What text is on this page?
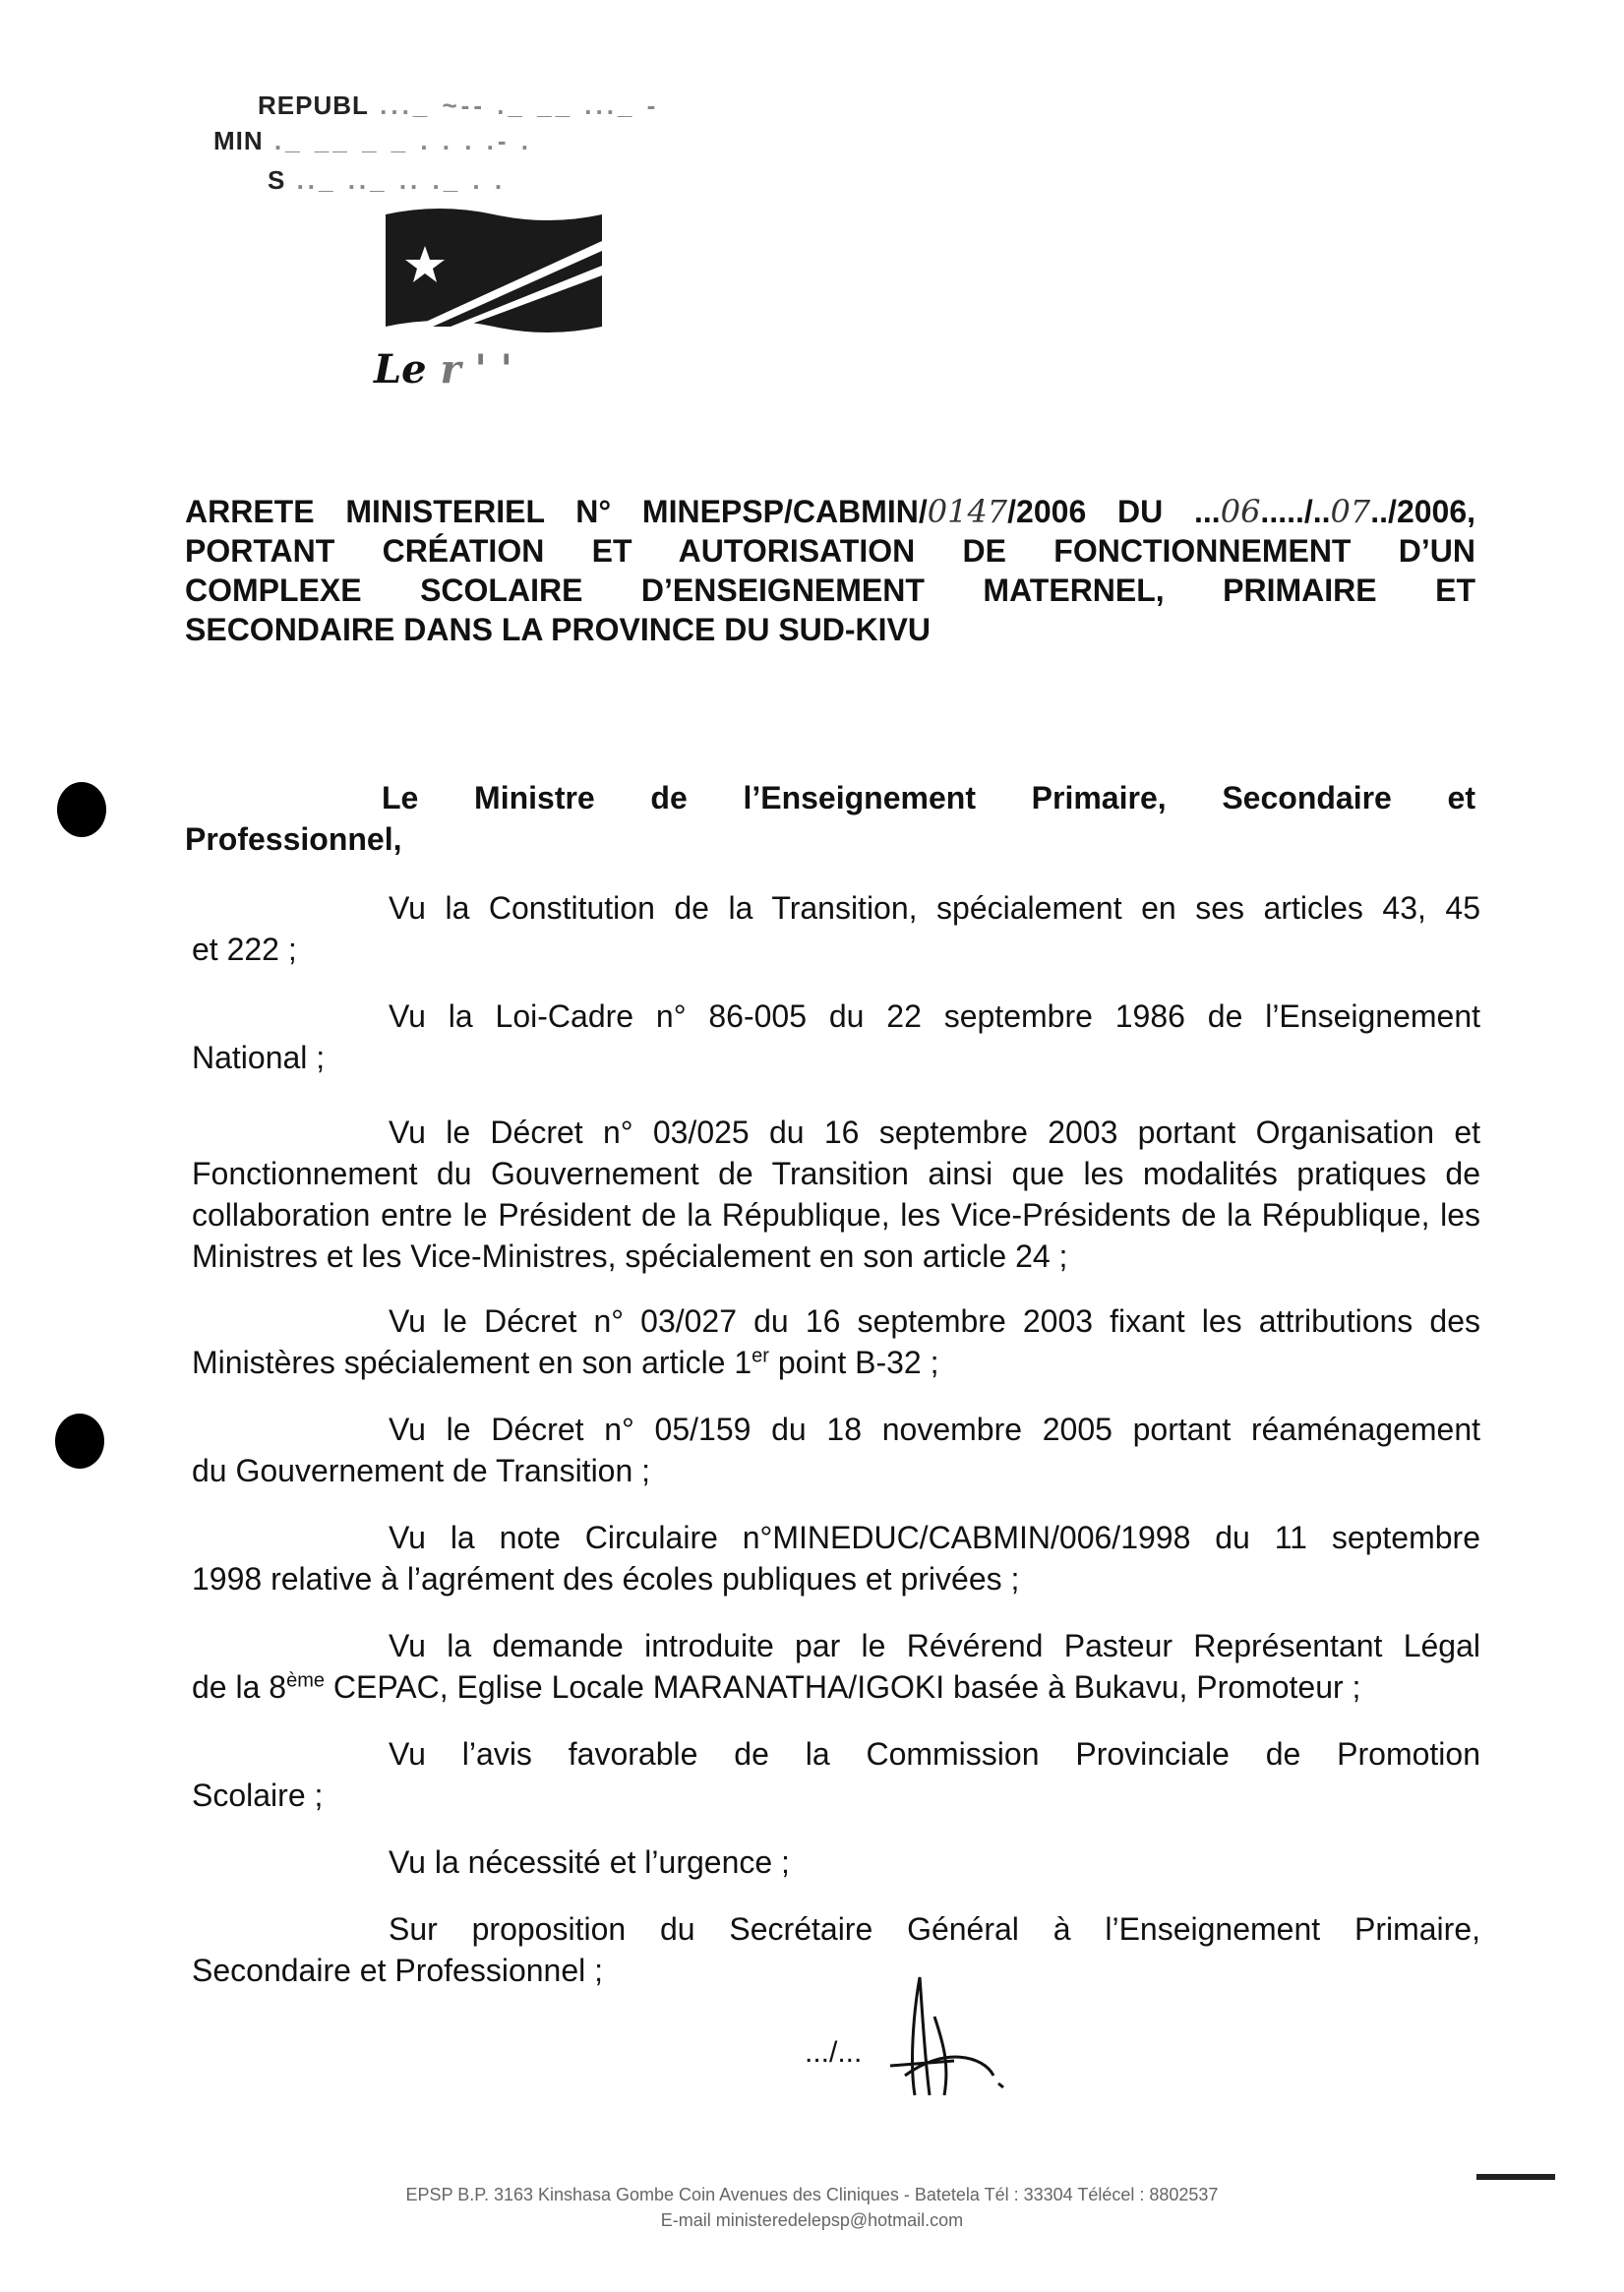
REPUBL ..._ ~-- ._ __ ..._ -
MIN ._ __ _ _ . . . .- .
S .._ .._ .. ._ . .
Le r ' '
ARRETE MINISTERIEL N° MINEPSP/CABMIN/0147/2006 DU ...06...../..07../2006,
PORTANT CRÉATION ET AUTORISATION DE FONCTIONNEMENT D’UN
COMPLEXE SCOLAIRE D’ENSEIGNEMENT MATERNEL, PRIMAIRE ET
SECONDAIRE DANS LA PROVINCE DU SUD-KIVU
Le Ministre de l’Enseignement Primaire, Secondaire et
Professionnel,
Vu la Constitution de la Transition, spécialement en ses articles 43, 45
et 222 ;
Vu la Loi-Cadre n° 86-005 du 22 septembre 1986 de l’Enseignement
National ;
Vu le Décret n° 03/025 du 16 septembre 2003 portant Organisation et
Fonctionnement du Gouvernement de Transition ainsi que les modalités pratiques de collaboration entre le Président de la République, les Vice-Présidents de la République, les Ministres et les Vice-Ministres, spécialement en son article 24 ;
Vu le Décret n° 03/027 du 16 septembre 2003 fixant les attributions des
Ministères spécialement en son article 1er point B-32 ;
Vu le Décret n° 05/159 du 18 novembre 2005 portant réaménagement
du Gouvernement de Transition ;
Vu la note Circulaire n°MINEDUC/CABMIN/006/1998 du 11 septembre
1998 relative à l’agrément des écoles publiques et privées ;
Vu la demande introduite par le Révérend Pasteur Représentant Légal
de la 8ème CEPAC, Eglise Locale MARANATHA/IGOKI basée à Bukavu, Promoteur ;
Vu l’avis favorable de la Commission Provinciale de Promotion
Scolaire ;
Vu la nécessité et l’urgence ;
Sur proposition du Secrétaire Général à l’Enseignement Primaire,
Secondaire et Professionnel ;
.../...
EPSP B.P. 3163 Kinshasa Gombe Coin Avenues des Cliniques - Batetela Tél : 33304 Télécel : 8802537
E-mail ministeredelepsp@hotmail.com
